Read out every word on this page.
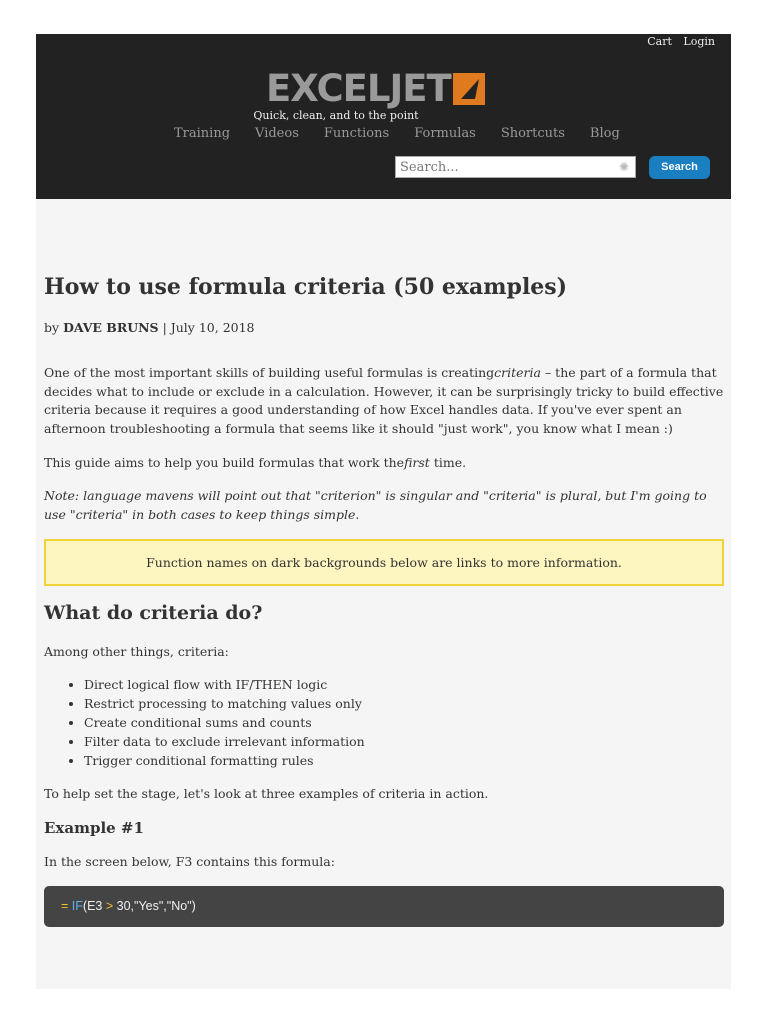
Cart Login
EXCELJET
Quick, clean, and to the point
Training Videos Functions Formulas Shortcuts Blog
Search...	✺	Search
How to use formula criteria (50 examples)
by DAVE BRUNS | July 10, 2018

One of the most important skills of building useful formulas is creatingcriteria – the part of a formula that decides what to include or exclude in a calculation. However, it can be surprisingly tricky to build effective criteria because it requires a good understanding of how Excel handles data. If you've ever spent an afternoon troubleshooting a formula that seems like it should "just work", you know what I mean :)

This guide aims to help you build formulas that work thefirst time.

Note: language mavens will point out that "criterion" is singular and "criteria" is plural, but I'm going to use "criteria" in both cases to keep things simple.

Function names on dark backgrounds below are links to more information.
What do criteria do?

Among other things, criteria:

• Direct logical flow with IF/THEN logic
• Restrict processing to matching values only
• Create conditional sums and counts
• Filter data to exclude irrelevant information
• Trigger conditional formatting rules

To help set the stage, let's look at three examples of criteria in action.

Example #1

In the screen below, F3 contains this formula:

= IF(E3 > 30,"Yes","No")
